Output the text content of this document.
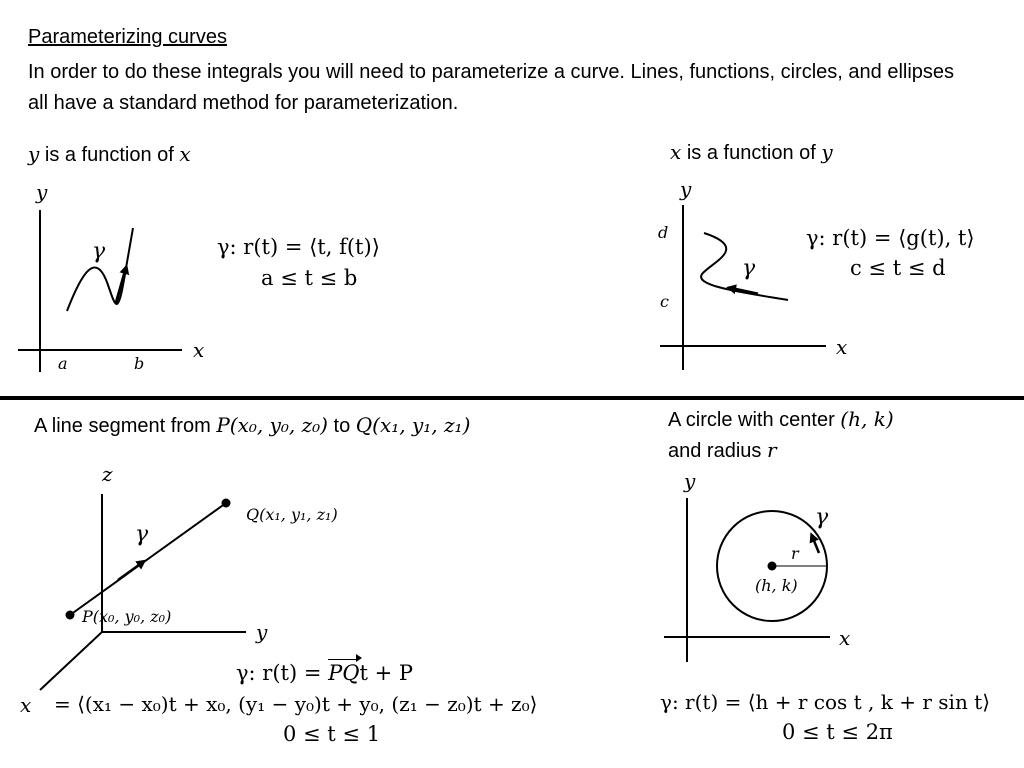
Parameterizing curves
In order to do these integrals you will need to parameterize a curve. Lines, functions, circles, and ellipses all have a standard method for parameterization.
y is a function of x	x is a function of y
y
x
a	b
γ	γ: r(t) = ⟨t, f(t)⟩
a ≤ t ≤ b
y
x
d
c
γ
γ: r(t) = ⟨g(t), t⟩
c ≤ t ≤ d
A line segment from P(x₀, y₀, z₀) to Q(x₁, y₁, z₁)
z
y
x
Q(x₁, y₁, z₁)
P(x₀, y₀, z₀)
γ
γ: r(t) = PQt + P
= ⟨(x₁ − x₀)t + x₀, (y₁ − y₀)t + y₀, (z₁ − z₀)t + z₀⟩
0 ≤ t ≤ 1
A circle with center (h, k)
and radius r
y
x
γ
r
(h, k)
γ: r(t) = ⟨h + r cos t , k + r sin t⟩
0 ≤ t ≤ 2π
